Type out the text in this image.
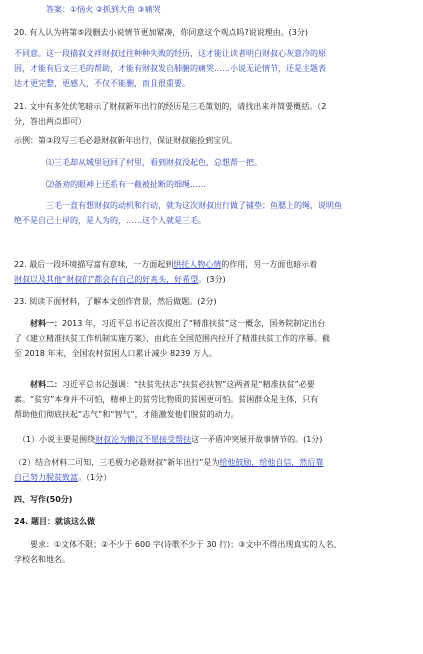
答案：①恼火 ②抓到大鱼 ③痛哭
20. 有人认为将第⑤段删去小说情节更加紧凑，你同意这个观点吗?说说理由。(3分)
不同意。这一段描叙文祥财叔过往种种失败的经历，这才能让读者明白财叔心灰意冷的原
因，才能有后文三毛的帮助，才能有财叔发自肺腑的痛哭……小说无论情节，还是主题表
达才更完整，更感人，不仅不能删，而且很重要。
21. 文中有多处伏笔暗示了财叔新年出行的经历是三毛策划的，请找出来并简要概括。（2
分，答出两点即可）
示例：第③段写三毛必悬财叔新年出行，保证财叔能捡到宝贝。
⑴三毛却从城里冠回了村里，看到财叔没起色，总想帮一把。
⑵备劝的眼神上还系有一截被扯断的细绳……
三毛一直有想财叔的动机和行动，就为这次财叔出行做了铺垫；鱼腮上的绳，说明鱼
绝不是自己上岸的，是人为的，……这个人就是三毛。
22. 最后一段环境描写富有意味，一方面起到烘托人物心情的作用，另一方面也暗示着
财叔以及其他“财叔们”都会有自己的好兆头，好希望。(3分)
23. 阅读下面材料，了解本文创作背景，然后做题。(2分)
材料一：2013 年，习近平总书记首次提出了“精准扶贫”这一概念，国务院制定出台
了《建立精准扶贫工作机制实施方案》，由此在全国范围内拉开了精准扶贫工作的序幕。截
至 2018 年末，全国农村贫困人口累计减少 8239 万人。
材料二：习近平总书记强调：“扶贫先扶志”扶贫必扶智”这两者是“精准扶贫”必要
素。“贫穷”本身并不可怕，精神上的贫劳比物质的贫困更可怕。贫困群众是主体，只有
帮助他们彻底扶起“志气”和“智气”，才能激发他们脱贫的动力。
（1）小说主要是围绕财叔沦为懒汉不愿接受帮扶这一矛盾冲突展开故事情节的。(1分)
（2）结合材料二可知，三毛极力必悬财叔“新年出行”是为给他鼓励，给他自信，然后靠
自己努力脱贫致富。（1分）
四、写作(50分)
24. 题目：就该这么做
要求：①文体不限；②不少于 600 字(诗歌不少于 30 行)；③文中不得出现真实的人名、
学校名和地名。
